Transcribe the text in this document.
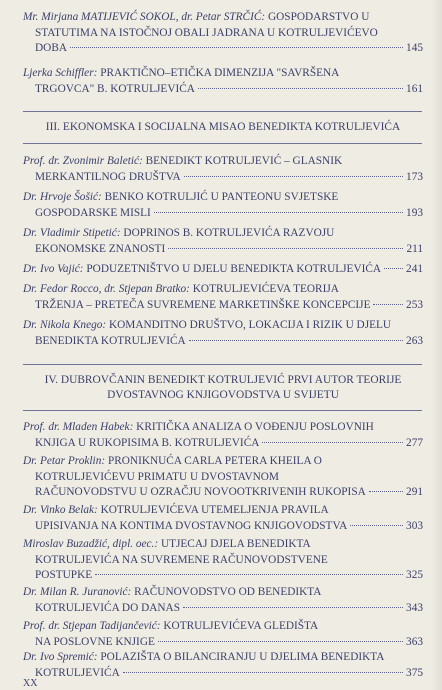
Mr. Mirjana MATIJEVIĆ SOKOL, dr. Petar STRČIĆ: GOSPODARSTVO U
STATUTIMA NA ISTOČNOJ OBALI JADRANA U KOTRULJEVIĆEVO
DOBA	145
Ljerka Schiffler: PRAKTIČNO–ETIČKA DIMENZIJA "SAVRŠENA
TRGOVCA" B. KOTRULJEVIĆA	161
III. EKONOMSKA I SOCIJALNA MISAO BENEDIKTA KOTRULJEVIĆA
Prof. dr. Zvonimir Baletić: BENEDIKT KOTRULJEVIĆ – GLASNIK
MERKANTILNOG DRUŠTVA	173
Dr. Hrvoje Šošić: BENKO KOTRULJIĆ U PANTEONU SVJETSKE
GOSPODARSKE MISLI	193
Dr. Vladimir Stipetić: DOPRINOS B. KOTRULJEVIĆA RAZVOJU
EKONOMSKE ZNANOSTI	211
Dr. Ivo Vajić: PODUZETNIŠTVO U DJELU BENEDIKTA KOTRULJEVIĆA 241
Dr. Fedor Rocco, dr. Stjepan Bratko: KOTRULJEVIĆEVA TEORIJA
TRŽENJA – PRETEČA SUVREMENE MARKETINŠKE KONCEPCIJE	253
Dr. Nikola Knego: KOMANDITNO DRUŠTVO, LOKACIJA I RIZIK U DJELU
BENEDIKTA KOTRULJEVIĆA	263
IV. DUBROVČANIN BENEDIKT KOTRULJEVIĆ PRVI AUTOR TEORIJE
DVOSTAVNOG KNJIGOVODSTVA U SVIJETU
Prof. dr. Mladen Habek: KRITIČKA ANALIZA O VOĐENJU POSLOVNIH
KNJIGA U RUKOPISIMA B. KOTRULJEVIĆA	277
Dr. Petar Proklin: PRONIKNUĆA CARLA PETERA KHEILA O
KOTRULJEVIĆEVU PRIMATU U DVOSTAVNOM
RAČUNOVODSTVU U OZRAČJU NOVOOTKRIVENIH RUKOPISA	291
Dr. Vinko Belak: KOTRULJEVIĆEVA UTEMELJENJA PRAVILA
UPISIVANJA NA KONTIMA DVOSTAVNOG KNJIGOVODSTVA	303
Miroslav Buzadžić, dipl. oec.: UTJECAJ DJELA BENEDIKTA
KOTRULJEVIĆA NA SUVREMENE RAČUNOVODSTVENE
POSTUPKE	325
Dr. Milan R. Juranović: RAČUNOVODSTVO OD BENEDIKTA
KOTRULJEVIĆA DO DANAS	343
Prof. dr. Stjepan Tadijančević: KOTRULJEVIĆEVA GLEDIŠTA
NA POSLOVNE KNJIGE	363
Dr. Ivo Spremić: POLAZIŠTA O BILANCIRANJU U DJELIMA BENEDIKTA
KOTRULJEVIĆA	375
XX
